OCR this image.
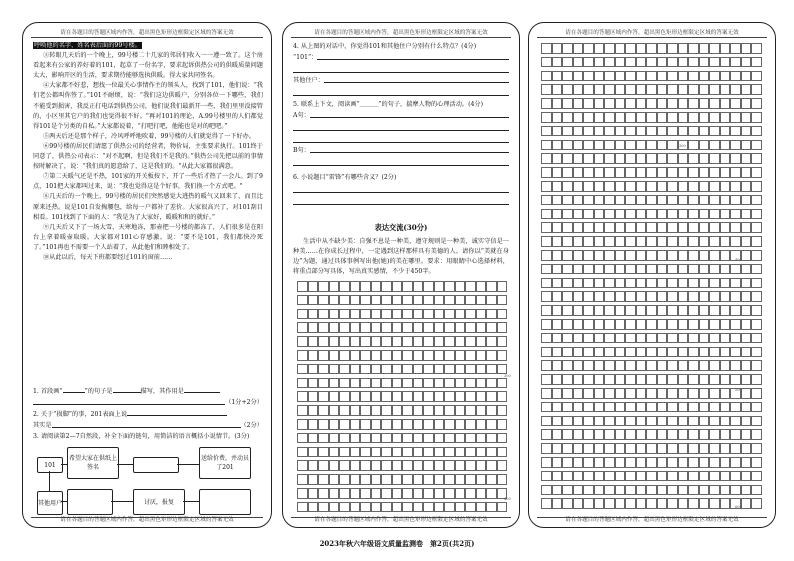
请在各题目的答题区域内作答，超出黑色矩形边框限定区域的答案无效
呼唤他的名字，姓名表后面的99号楼。

③转眼几天后的一个晚上，99号楼二十几家的邻居们收入一一遵一致了。这个房看起来有公家的养好着的101，起草了一份名字，要求起诉供热公司的供暖质量问题太大，影响开区的生活，要求期待能够选执供暖。得大家共同签名。

④大家都不好惹，想找一位最关心事情作主的领头人，找到了101，他们说：“我们老公都叫你签了。”101不耐烦，说：“我们这边供暖户，分别各位一下哪些，我们不能受到损害，我反正打电话到供热公司，他们说我们最新开一些，我们里里没接管的，小区里其它户的我们也觉得很不好。"再对101的理论，A.99号楼里的人们都觉得101是个另类的自私。”大家都说着，“打吧打吧，他能也是对的吧吧。”

⑤两天后还是那个样子，冷风呼呼地吹着，99号楼的人们就觉得了一下好办。

⑥99号楼的居民们请愿了供热公司的经营者，物价局，主张要求执行。101终于同意了，供热公司表示：“对不起啊，但是我们不是我的。”供热公司先把以前的事情按时解决了，说：“我们真的愿意给了，这是我们的。"从此大家都很满意。

⑦第二天暖气还是不热，101家的开关板按下，开了一些后才热了一会儿。到了9点，101把大家都叫过来，说：“我也觉得这是个好事，我们换一个方式吧。"

⑧几天后的一个晚上，99号楼的居民们突然感觉大逃热的暖气又回来了，而且比原来还热。说是101自发掏腰包，给每一户都补了差价。大家很高兴了，对101刮目相看。101找到了下面的人：“我是为了大家好，暖暖和和的就好。”

⑨几天后又下了一场大雪，天寒地冻，那壶把一号楼的都冻了，人们很多是在阳台上拿着暖壶取暖。大家都对101心存感激。说：“要不是101，我们都快冷死了。”101再也不需要一个人站着了，从此他们和睦相处了。

⑩从此以后，每天下班都要经过101的窗前……

1. 首段画“	”的句子是	描写，其作用是
（1分+2分）
2. 关于“损脚”的事，201表面上说
其实是	（2分）
3. 请阅读第2—7自然段，补全下面的链句，用简洁的语言概括小说情节。(3分)
101
希望大家在供纸上签名
送给价费，并动员了201
其他用户	讨厌，报复
请在各题目的答题区域内作答，超出黑色矩形边框限定区域的答案无效
请在各题目的答题区域内作答，超出黑色矩形边框限定区域的答案无效
4. 从上图的对话中，你觉得101和其他住户分别有什么特点？(4分)
“101”：
其他住户：
5. 联系上下文，阅读画“＿＿＿”的句子，揣摩人物的心理活动。(4分)
A句：
B句：
6. 小说题目“雷锋”有哪些含义？(2分)
表达交流(30分)

生活中从不缺少美：自强不息是一种美，遵守规则是一种美，诚实守信是一种美……在你成长过程中，一定遇到这样那样具有美德的人。请你以“美就在身边”为题，通过具体事例写出他(她)的美在哪里。要求：用眼睛中心选择材料，将重点部分写具体，写出真实感情，不少于450字。

300
400
请在各题目的答题区域内作答，超出黑色矩形边框限定区域的答案无效
请在各题目的答题区域内作答，超出黑色矩形边框限定区域的答案无效
300
400
500
600
请在各题目的答题区域内作答，超出黑色矩形边框限定区域的答案无效
2023年秋六年级语文质量监测卷　第2页(共2页)
